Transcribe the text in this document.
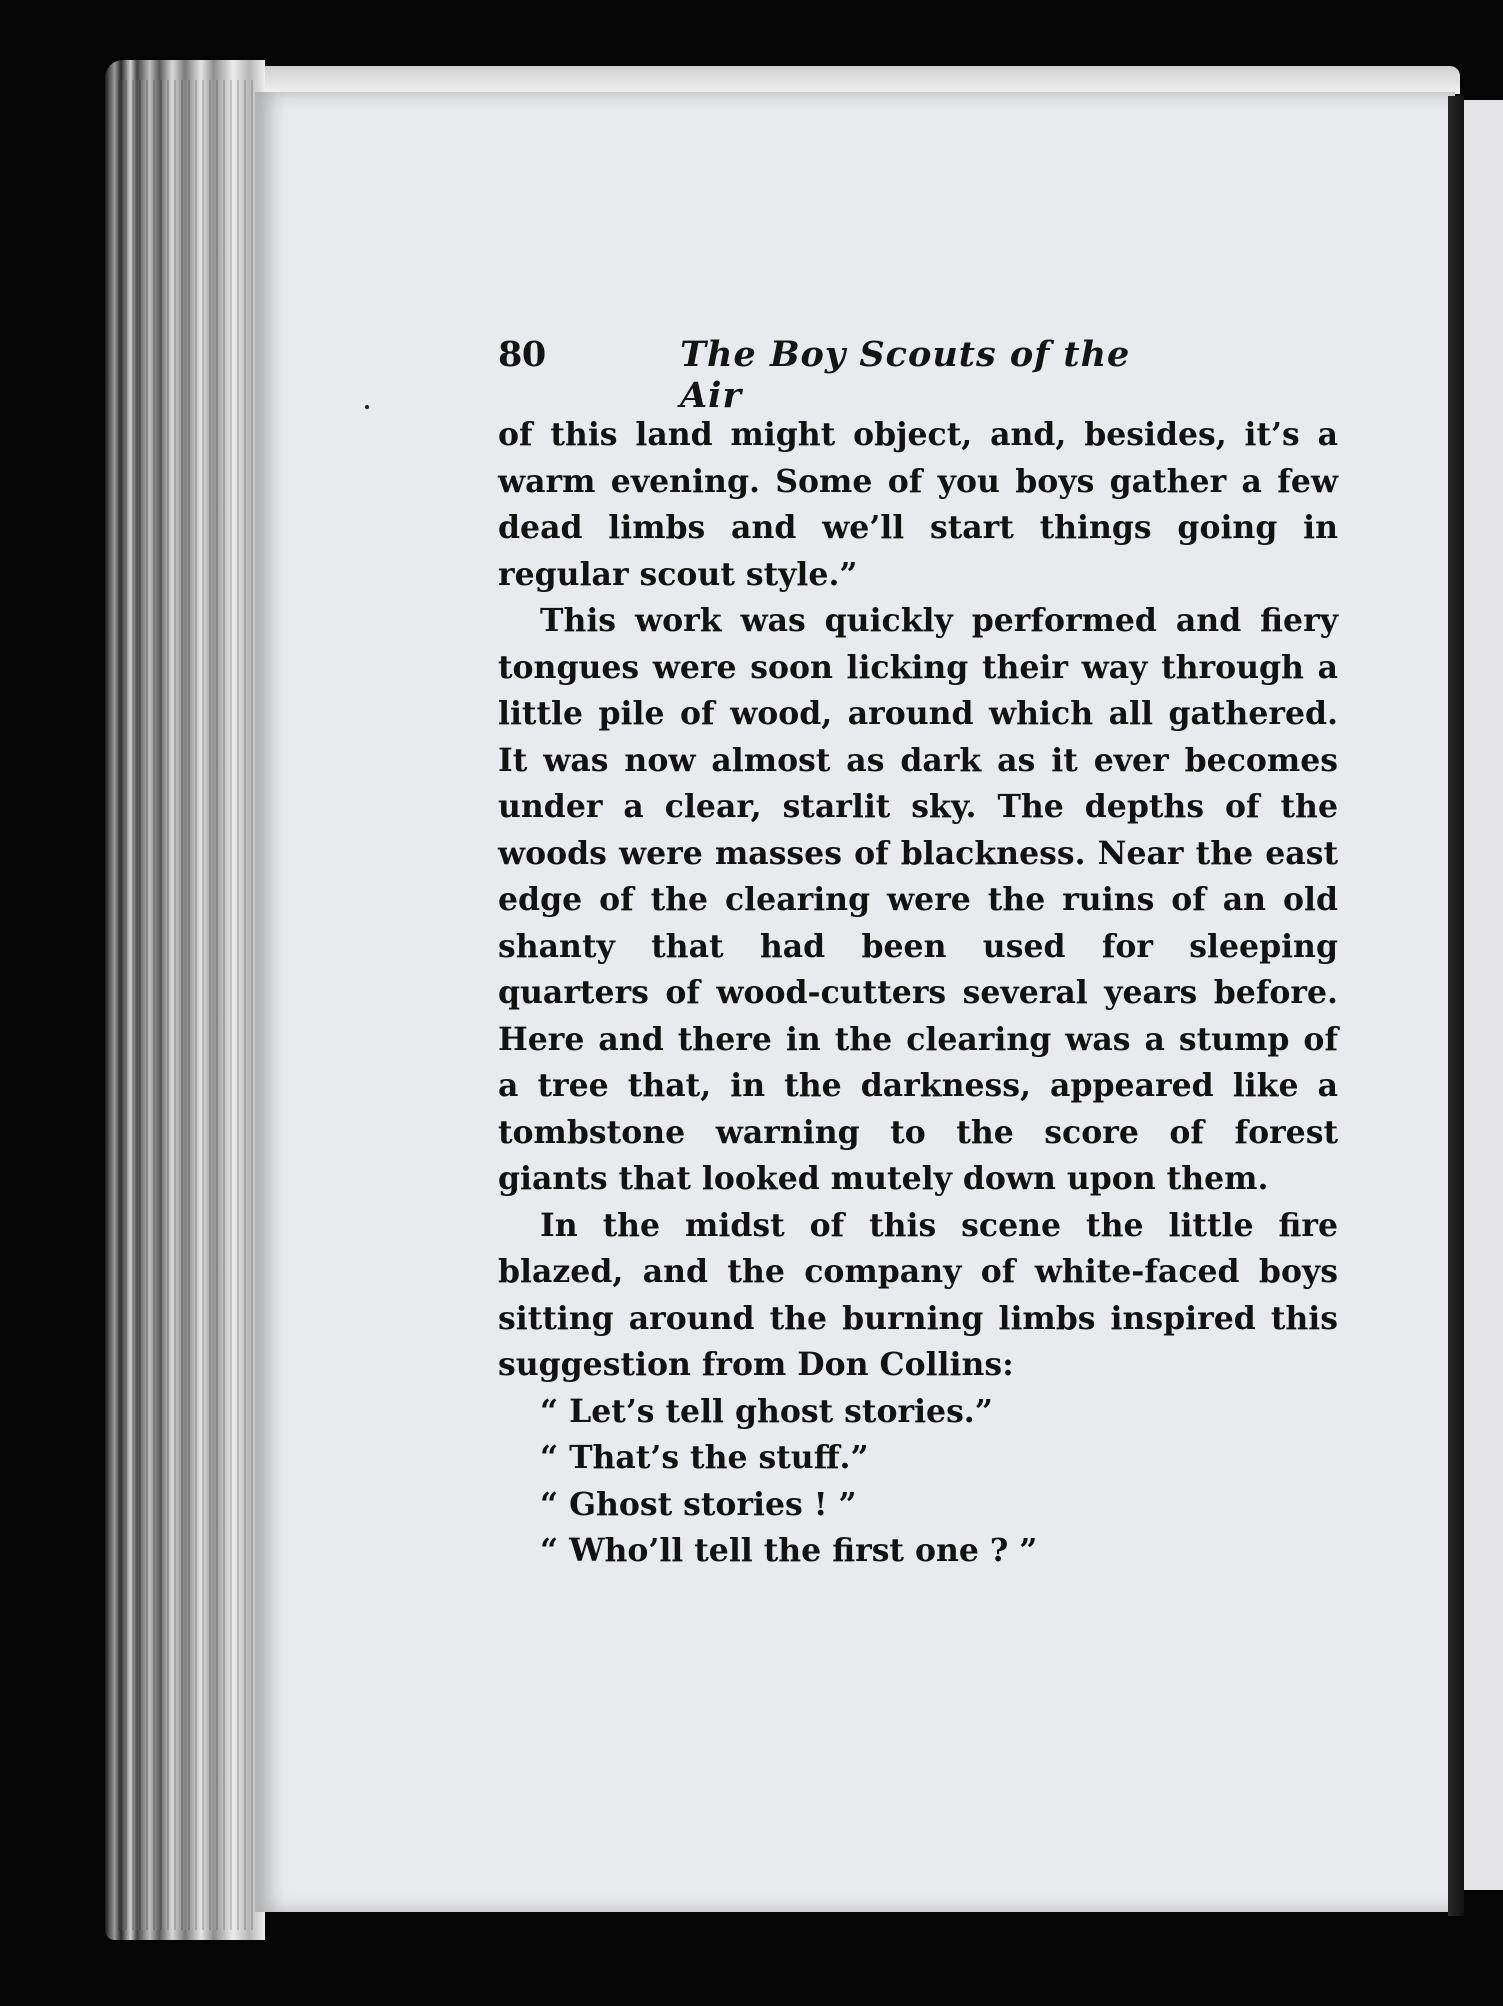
80	The Boy Scouts of the Air

of this land might object, and, besides, it’s a warm evening. Some of you boys gather a few dead limbs and we’ll start things going in regular scout style.”

This work was quickly performed and fiery tongues were soon licking their way through a little pile of wood, around which all gathered. It was now almost as dark as it ever becomes under a clear, starlit sky. The depths of the woods were masses of blackness. Near the east edge of the clearing were the ruins of an old shanty that had been used for sleeping quarters of wood-cutters several years before. Here and there in the clearing was a stump of a tree that, in the darkness, appeared like a tombstone warning to the score of forest giants that looked mutely down upon them.

In the midst of this scene the little fire blazed, and the company of white-faced boys sitting around the burning limbs inspired this suggestion from Don Collins:

“ Let’s tell ghost stories.”

“ That’s the stuff.”

“ Ghost stories ! ”

“ Who’ll tell the first one ? ”
